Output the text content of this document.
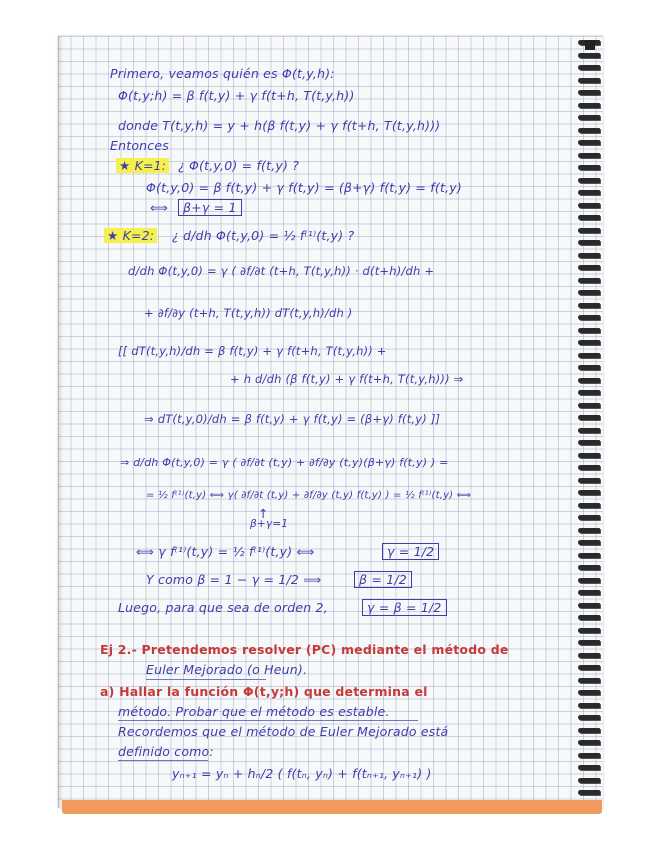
Primero, veamos quién es Φ(t,y,h):
Φ(t,y;h) = β f(t,y) + γ f(t+h, T(t,y,h))
donde T(t,y,h) = y + h(β f(t,y) + γ f(t+h, T(t,y,h)))
Entonces
★ K=1: ¿ Φ(t,y,0) = f(t,y) ?
Φ(t,y,0) = β f(t,y) + γ f(t,y) = (β+γ) f(t,y) = f(t,y)
⟺	β+γ = 1
★ K=2: ¿ d/dh Φ(t,y,0) = ½ f⁽¹⁾(t,y) ?
d/dh Φ(t,y,0) = γ ( ∂f/∂t (t+h, T(t,y,h)) · d(t+h)/dh +
+ ∂f/∂y (t+h, T(t,y,h)) dT(t,y,h)/dh )
[[ dT(t,y,h)/dh = β f(t,y) + γ f(t+h, T(t,y,h)) +
+ h d/dh (β f(t,y) + γ f(t+h, T(t,y,h))) ⇒
⇒ dT(t,y,0)/dh = β f(t,y) + γ f(t,y) = (β+γ) f(t,y) ]]
⇒ d/dh Φ(t,y,0) = γ ( ∂f/∂t (t,y) + ∂f/∂y (t,y)(β+γ) f(t,y) ) =
= ½ f⁽¹⁾(t,y) ⟺ γ( ∂f/∂t (t,y) + ∂f/∂y (t,y) f(t,y) ) = ½ f⁽¹⁾(t,y) ⟺
↑
β+γ=1
⟺ γ f⁽¹⁾(t,y) = ½ f⁽¹⁾(t,y) ⟺	γ = 1/2
Y como β = 1 − γ = 1/2 ⟹	β = 1/2
Luego, para que sea de orden 2,	γ = β = 1/2
Ej 2.- Pretendemos resolver (PC) mediante el método de
Euler Mejorado (o Heun).
a) Hallar la función Φ(t,y;h) que determina el
método. Probar que el método es estable.
Recordemos que el método de Euler Mejorado está
definido como:
yₙ₊₁ = yₙ + hₙ/2 ( f(tₙ, yₙ) + f(tₙ₊₁, yₙ₊₁) )
